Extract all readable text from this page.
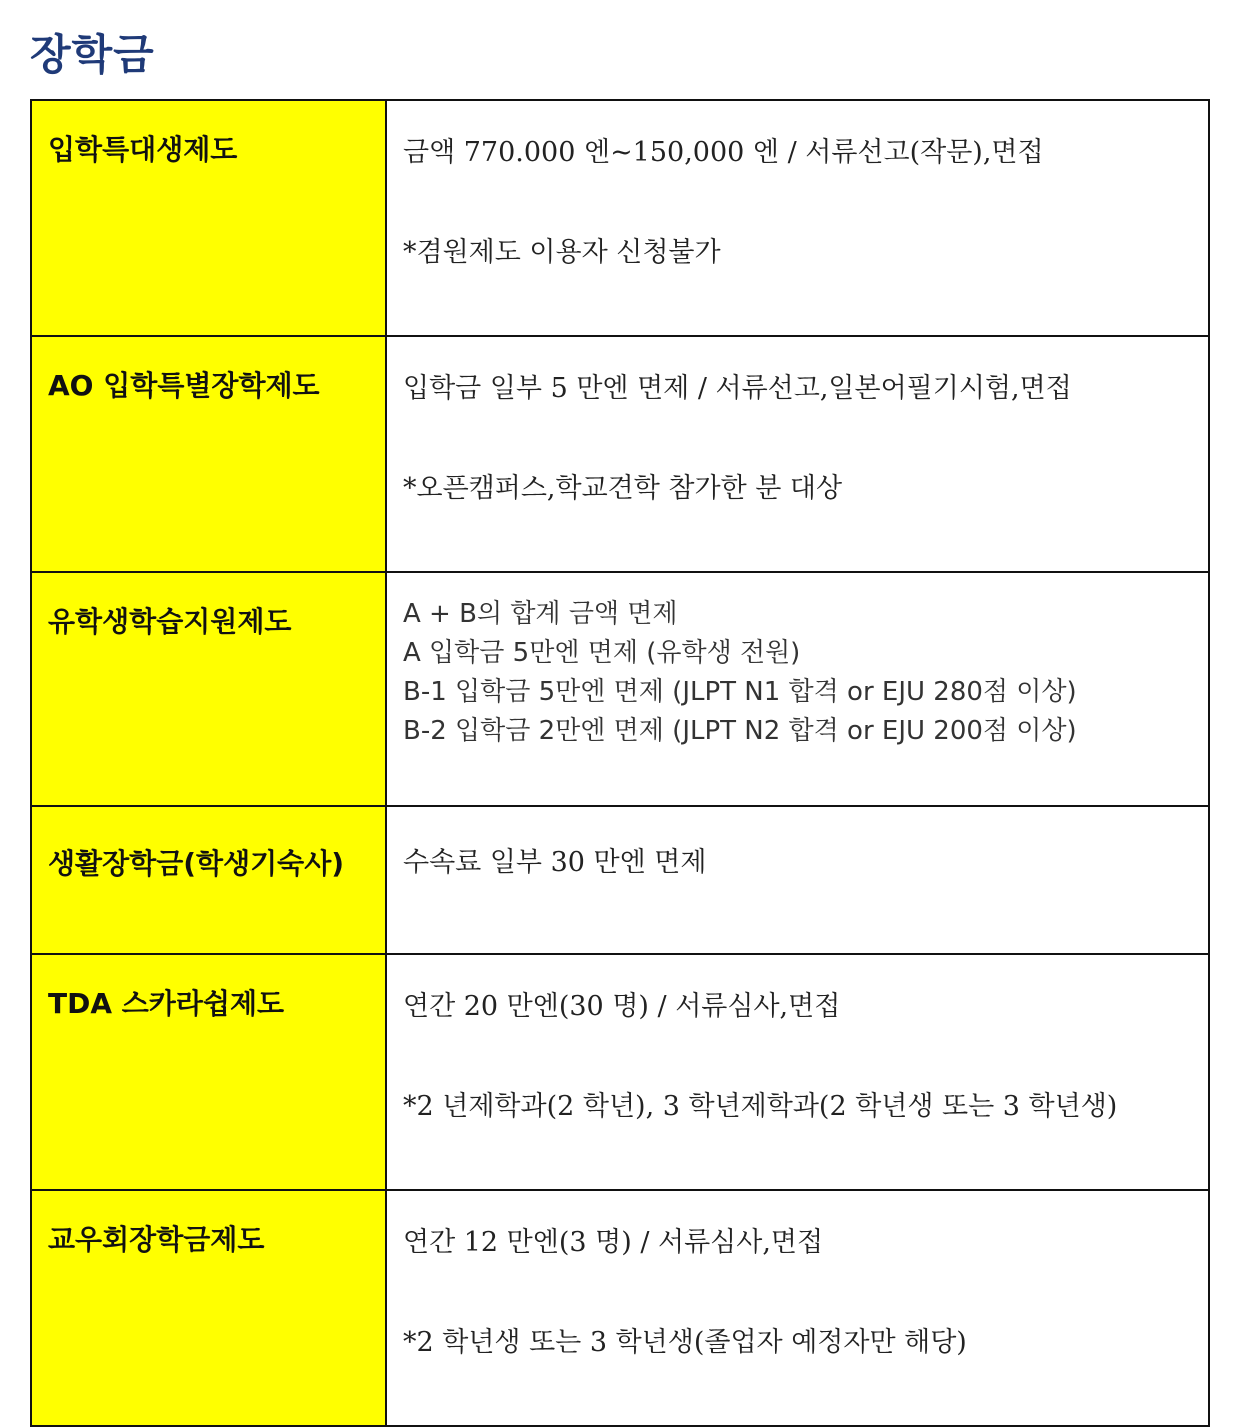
장학금
입학특대생제도	금액 770.000 엔~150,000 엔 / 서류선고(작문),면접
*겸원제도 이용자 신청불가

AO 입학특별장학제도	입학금 일부 5 만엔 면제 / 서류선고,일본어필기시험,면접
*오픈캠퍼스,학교견학 참가한 분 대상

유학생학습지원제도	A + B의 합계 금액 면제
A 입학금 5만엔 면제 (유학생 전원)
B-1 입학금 5만엔 면제 (JLPT N1 합격 or EJU 280점 이상)
B-2 입학금 2만엔 면제 (JLPT N2 합격 or EJU 200점 이상)

생활장학금(학생기숙사)	수속료 일부 30 만엔 면제

TDA 스카라쉽제도	연간 20 만엔(30 명) / 서류심사,면접
*2 년제학과(2 학년), 3 학년제학과(2 학년생 또는 3 학년생)

교우회장학금제도	연간 12 만엔(3 명) / 서류심사,면접
*2 학년생 또는 3 학년생(졸업자 예정자만 해당)
